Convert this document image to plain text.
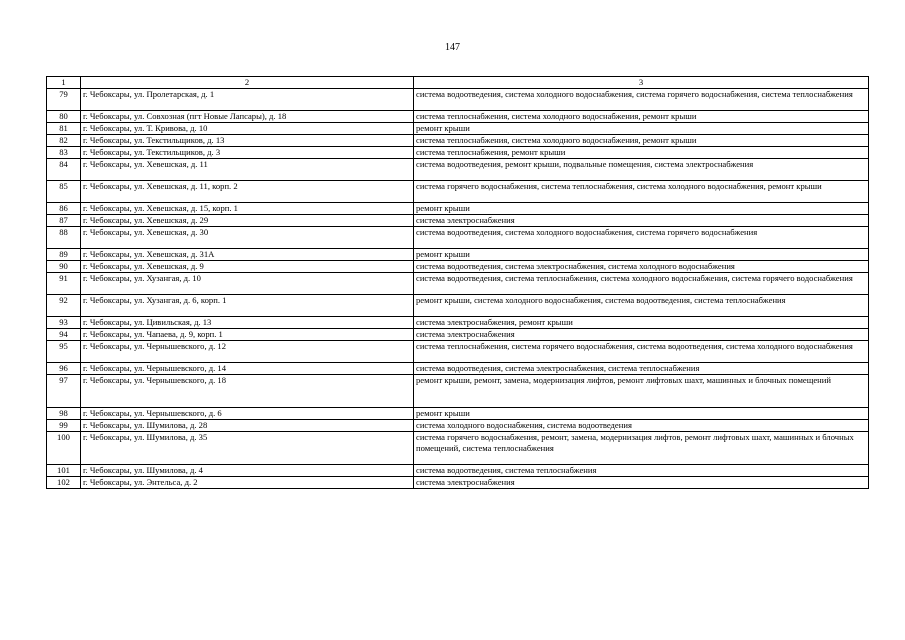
147
1	2	3
79	г. Чебоксары, ул. Пролетарская, д. 1	система водоотведения, система холодного водоснабжения, система горячего водоснабжения, система теплоснабжения
80	г. Чебоксары, ул. Совхозная (пгт Новые Лапсары), д. 18	система теплоснабжения, система холодного водоснабжения, ремонт крыши
81	г. Чебоксары, ул. Т. Кривова, д. 10	ремонт крыши
82	г. Чебоксары, ул. Текстильщиков, д. 13	система теплоснабжения, система холодного водоснабжения, ремонт крыши
83	г. Чебоксары, ул. Текстильщиков, д. 3	система теплоснабжения, ремонт крыши
84	г. Чебоксары, ул. Хевешская, д. 11	система водоотведения, ремонт крыши, подвальные помещения, система электроснабжения
85	г. Чебоксары, ул. Хевешская, д. 11, корп. 2	система горячего водоснабжения, система теплоснабжения, система холодного водоснабжения, ремонт крыши
86	г. Чебоксары, ул. Хевешская, д. 15, корп. 1	ремонт крыши
87	г. Чебоксары, ул. Хевешская, д. 29	система электроснабжения
88	г. Чебоксары, ул. Хевешская, д. 30	система водоотведения, система холодного водоснабжения, система горячего водоснабжения
89	г. Чебоксары, ул. Хевешская, д. 31А	ремонт крыши
90	г. Чебоксары, ул. Хевешская, д. 9	система водоотведения, система электроснабжения, система холодного водоснабжения
91	г. Чебоксары, ул. Хузангая, д. 10	система водоотведения, система теплоснабжения, система холодного водоснабжения, система горячего водоснабжения
92	г. Чебоксары, ул. Хузангая, д. 6, корп. 1	ремонт крыши, система холодного водоснабжения, система водоотведения, система теплоснабжения
93	г. Чебоксары, ул. Цивильская, д. 13	система электроснабжения, ремонт крыши
94	г. Чебоксары, ул. Чапаева, д. 9, корп. 1	система электроснабжения
95	г. Чебоксары, ул. Чернышевского, д. 12	система теплоснабжения, система горячего водоснабжения, система водоотведения, система холодного водоснабжения
96	г. Чебоксары, ул. Чернышевского, д. 14	система водоотведения, система электроснабжения, система теплоснабжения
97	г. Чебоксары, ул. Чернышевского, д. 18	ремонт крыши, ремонт, замена, модернизация лифтов, ремонт лифтовых шахт, машинных и блочных помещений
98	г. Чебоксары, ул. Чернышевского, д. 6	ремонт крыши
99	г. Чебоксары, ул. Шумилова, д. 28	система холодного водоснабжения, система водоотведения
100	г. Чебоксары, ул. Шумилова, д. 35	система горячего водоснабжения, ремонт, замена, модернизация лифтов, ремонт лифтовых шахт, машинных и блочных помещений, система теплоснабжения
101	г. Чебоксары, ул. Шумилова, д. 4	система водоотведения, система теплоснабжения
102	г. Чебоксары, ул. Энтельса, д. 2	система электроснабжения
